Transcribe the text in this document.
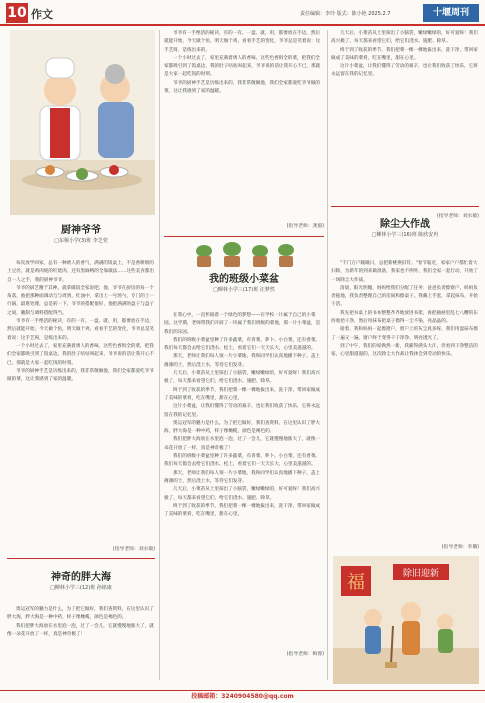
10 作文	责任编辑：李玲 版式：陈小艳 2025.2.7	十堰周刊
厨神爷爷
□东堰小学(3)班 李芝萱

每次放学回家，总有一种诱人的香气，满满的饭桌上，不是香喷喷的土豆丝，就是鸡肉炖的红烧肉，还有黑麻鸭的全靠做法……这些美食都出自一人之手，我的厨神爷爷。

爷爷的厨艺精于其神。就拿做饭全家说吧，他，爷爷在厨房的每一个角落，他把那种面调动与与周到，红油中，拿出上一号汤勺，专门的上一行锅，最难处理，总是转一下，爷爷的搭配很好，他把满满的盘子与盘子之间，腌制与调料搭配得当。

爷爷有一手绝活的秘诀，有的一有、一盘、就、用，都要放在手边，然后就能开始，今天做个鱼，明天做个鸡，看看手艺的变化，爷爷总是笑着说：这手艺呀，是练出来的。

一个小时过去了，家里充满着诱人的香味，这些色香俱全的菜，把我们全家都吸引到了饭桌边，我的肚子咕咕叫起来，爷爷说的话让我开心不已，那就是大家一起吃饭的时刻。

爷爷的厨神手艺是历练出来的，我非常敬佩他，我们全家都爱吃爷爷做的菜，这让我感到了家的温暖。

(指导老师：刘水敏)
神奇的胖大海
□柳林小学三(12)班 孙铭康

奥运冠军的魅力是什么，为了把它做好，我们查资料，在这里认识了胖大海，胖大海是一种中药，样子像橄榄，颜色是褐色的。

我们把胖大海放在水里泡一泡，过了一会儿，它就慢慢地胀大了，就像一朵花开放了一样，真是神奇极了！

爷爷有一手绝活的秘诀，有的一有、一盘、就、用，都要放在手边，然后就能开始，今天做个鱼，明天做个鸡，看看手艺的变化，爷爷总是笑着说：这手艺呀，是练出来的。

一个小时过去了，家里充满着诱人的香味，这些色香俱全的菜，把我们全家都吸引到了饭桌边，我的肚子咕咕叫起来，爷爷说的话让我开心不已，那就是大家一起吃饭的时刻。

爷爷的厨神手艺是历练出来的，我非常敬佩他，我们全家都爱吃爷爷做的菜，这让我感到了家的温暖。

(指导老师：龚毅)
我的班级小菜盆
□柳林小学三(17)班 汪梦然

在我心中，一直怀揣着一个绿色的梦想——在学校一片属于自己的小菜园。这学期，老师带我们开辟了一块属于我们班级的菜地，那一片小菜盆，是我们的乐园。

我们的班级小菜盆里种了许多蔬菜，有青菜、萝卜、小白菜，还有香菜。我们每天都会去给它们浇水、松土，看着它们一天天长大，心里美滋滋的。

那天，老师让我们每人领一片小菜地，我和同学们认真地播下种子，盖上薄薄的土，然后浇上水，等待它们发芽。

几天后，小菜苗从土里探出了小脑袋，嫩绿嫩绿的，好可爱呀！我们高兴极了，每天都来看望它们，给它们浇水、施肥、除草。

终于到了收获的季节，我们把菜一棵一棵地拔出来，洗干净，带回家做成了美味的菜肴，吃在嘴里，甜在心里。

这片小菜盆，让我们懂得了劳动的艰辛，也让我们收获了快乐，它将永远留在我的记忆里。

奥运冠军的魅力是什么，为了把它做好，我们查资料，在这里认识了胖大海，胖大海是一种中药，样子像橄榄，颜色是褐色的。

我们把胖大海放在水里泡一泡，过了一会儿，它就慢慢地胀大了，就像一朵花开放了一样，真是神奇极了！

我们的班级小菜盆里种了许多蔬菜，有青菜、萝卜、小白菜，还有香菜。我们每天都会去给它们浇水、松土，看着它们一天天长大，心里美滋滋的。

那天，老师让我们每人领一片小菜地，我和同学们认真地播下种子，盖上薄薄的土，然后浇上水，等待它们发芽。

几天后，小菜苗从土里探出了小脑袋，嫩绿嫩绿的，好可爱呀！我们高兴极了，每天都来看望它们，给它们浇水、施肥、除草。

终于到了收获的季节，我们把菜一棵一棵地拔出来，洗干净，带回家做成了美味的菜肴，吃在嘴里，甜在心里。

(指导老师：梅蓉)

几天后，小菜苗从土里探出了小脑袋，嫩绿嫩绿的，好可爱呀！我们高兴极了，每天都来看望它们，给它们浇水、施肥、除草。

终于到了收获的季节，我们把菜一棵一棵地拔出来，洗干净，带回家做成了美味的菜肴，吃在嘴里，甜在心里。

这片小菜盆，让我们懂得了劳动的艰辛，也让我们收获了快乐，它将永远留在我的记忆里。

(指导老师：刘水敏)
除尘大作战
□柳林小学三(16)班 陈欣安冉

"千门万户曈曈日，总把新桃换旧符。"春节临近，家家户户都忙着大扫除，为新年的到来做准备，我家也不例外，我们全家一起行动，开始了一场除尘大作战。

清晨，阳光明媚，妈妈给我们分配了任务：爸爸负责擦窗户，妈妈负责拖地，我负责整理自己的房间和擦桌子。我戴上手套，拿起抹布，开始干活。

我先把书桌上的书本整整齐齐地放进书架，再把抽屉里乱七八糟的东西收拾干净，然后用抹布把桌子擦得一尘不染，亮晶晶的。

接着，我和妈妈一起擦窗户，窗户上的灰尘真多呀，我们用湿抹布擦了一遍又一遍，窗户终于变得干干净净、明亮透光了。

到了中午，我们的家焕然一新，我累得满头大汗，但看到干净整洁的家，心里甜滋滋的，这次除尘大作战让我体会到劳动的快乐。

(指导老师：李璐)
福	除旧迎新
投稿邮箱：3240904580@qq.com
